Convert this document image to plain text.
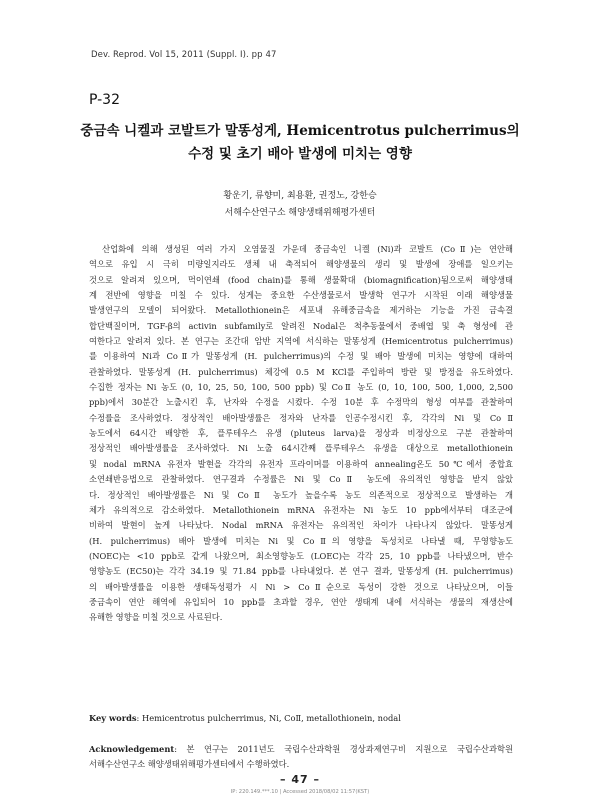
Dev. Reprod. Vol 15, 2011 (Suppl. I). pp 47
P-32
중금속 니켈과 코발트가 말똥성게, Hemicentrotus pulcherrimus의
수정 및 초기 배아 발생에 미치는 영향
황운기, 류향미, 최용환, 권정노, 강한승
서해수산연구소 해양생태위해평가센터
　산업화에 의해 생성된 여러 가지 오염물질 가운데 중금속인 니켈 (Ni)과 코발트 (CoⅡ)는 연안해
역으로 유입 시 극히 미량일지라도 생체 내 축적되어 해양생물의 생리 및 발생에 장애를 일으키는
것으로 알려져 있으며, 먹이연쇄 (food chain)를 통해 생물확대 (biomagnification)됨으로써 해양생태
계 전반에 영향을 미칠 수 있다. 성게는 중요한 수산생물로서 발생학 연구가 시작된 이래 해양생물
발생연구의 모델이 되어왔다. Metallothionein은 세포내 유해중금속을 제거하는 기능을 가진 금속결
합단백질이며, TGF-β의 activin subfamily로 알려진 Nodal은 척추동물에서 중배엽 및 축 형성에 관
여한다고 알려져 있다. 본 연구는 조간대 암반 지역에 서식하는 말똥성게 (Hemicentrotus pulcherrimus)
를 이용하여 Ni과 CoⅡ가 말똥성게 (H. pulcherrimus)의 수정 및 배아 발생에 미치는 영향에 대하여
관찰하였다. 말똥성게 (H. pulcherrimus) 체강에 0.5 M KCl를 주입하여 방란 및 방정을 유도하였다.
수집한 정자는 Ni 농도 (0, 10, 25, 50, 100, 500 ppb) 및 CoⅡ 농도 (0, 10, 100, 500, 1,000, 2,500
ppb)에서 30분간 노출시킨 후, 난자와 수정을 시켰다. 수정 10분 후 수정막의 형성 여부를 관찰하여
수정률을 조사하였다. 정상적인 배아발생률은 정자와 난자를 인공수정시킨 후, 각각의 Ni 및 CoⅡ
농도에서 64시간 배양한 후, 플루테우스 유생 (pluteus larva)을 정상과 비정상으로 구분 관찰하여
정상적인 배아발생률을 조사하였다. Ni 노출 64시간째 플루테우스 유생을 대상으로 metallothionein
및 nodal mRNA 유전자 발현을 각각의 유전자 프라이머를 이용하여 annealing온도 50℃에서 중합효
소연쇄반응법으로 관찰하였다. 연구결과 수정률은 Ni 및 CoⅡ 농도에 유의적인 영향을 받지 않았
다. 정상적인 배아발생률은 Ni 및 CoⅡ 농도가 높을수록 농도 의존적으로 정상적으로 발생하는 개
체가 유의적으로 감소하였다. Metallothionein mRNA 유전자는 Ni 농도 10 ppb에서부터 대조군에
비하여 발현이 높게 나타났다. Nodal mRNA 유전자는 유의적인 차이가 나타나지 않았다. 말똥성게
(H. pulcherrimus) 배아 발생에 미치는 Ni 및 CoⅡ의 영향을 독성치로 나타낼 때, 무영향농도
(NOEC)는 <10 ppb로 같게 나왔으며, 최소영향농도 (LOEC)는 각각 25, 10 ppb를 나타냈으며, 반수
영향농도 (EC50)는 각각 34.19 및 71.84 ppb를 나타내었다. 본 연구 결과, 말똥성게 (H. pulcherrimus)
의 배아발생률을 이용한 생태독성평가 시 Ni > CoⅡ순으로 독성이 강한 것으로 나타났으며, 이들
중금속이 연안 해역에 유입되어 10 ppb를 초과할 경우, 연안 생태계 내에 서식하는 생물의 재생산에
유해한 영향을 미칠 것으로 사료된다.
Key words: Hemicentrotus pulcherrimus, Ni, CoⅡ, metallothionein, nodal
Acknowledgement: 본 연구는 2011년도 국립수산과학원 경상과제연구비 지원으로 국립수산과학원
서해수산연구소 해양생태위해평가센터에서 수행하였다.
– 47 –
IP: 220.149.***.10 | Accessed 2018/08/02 11:57(KST)
